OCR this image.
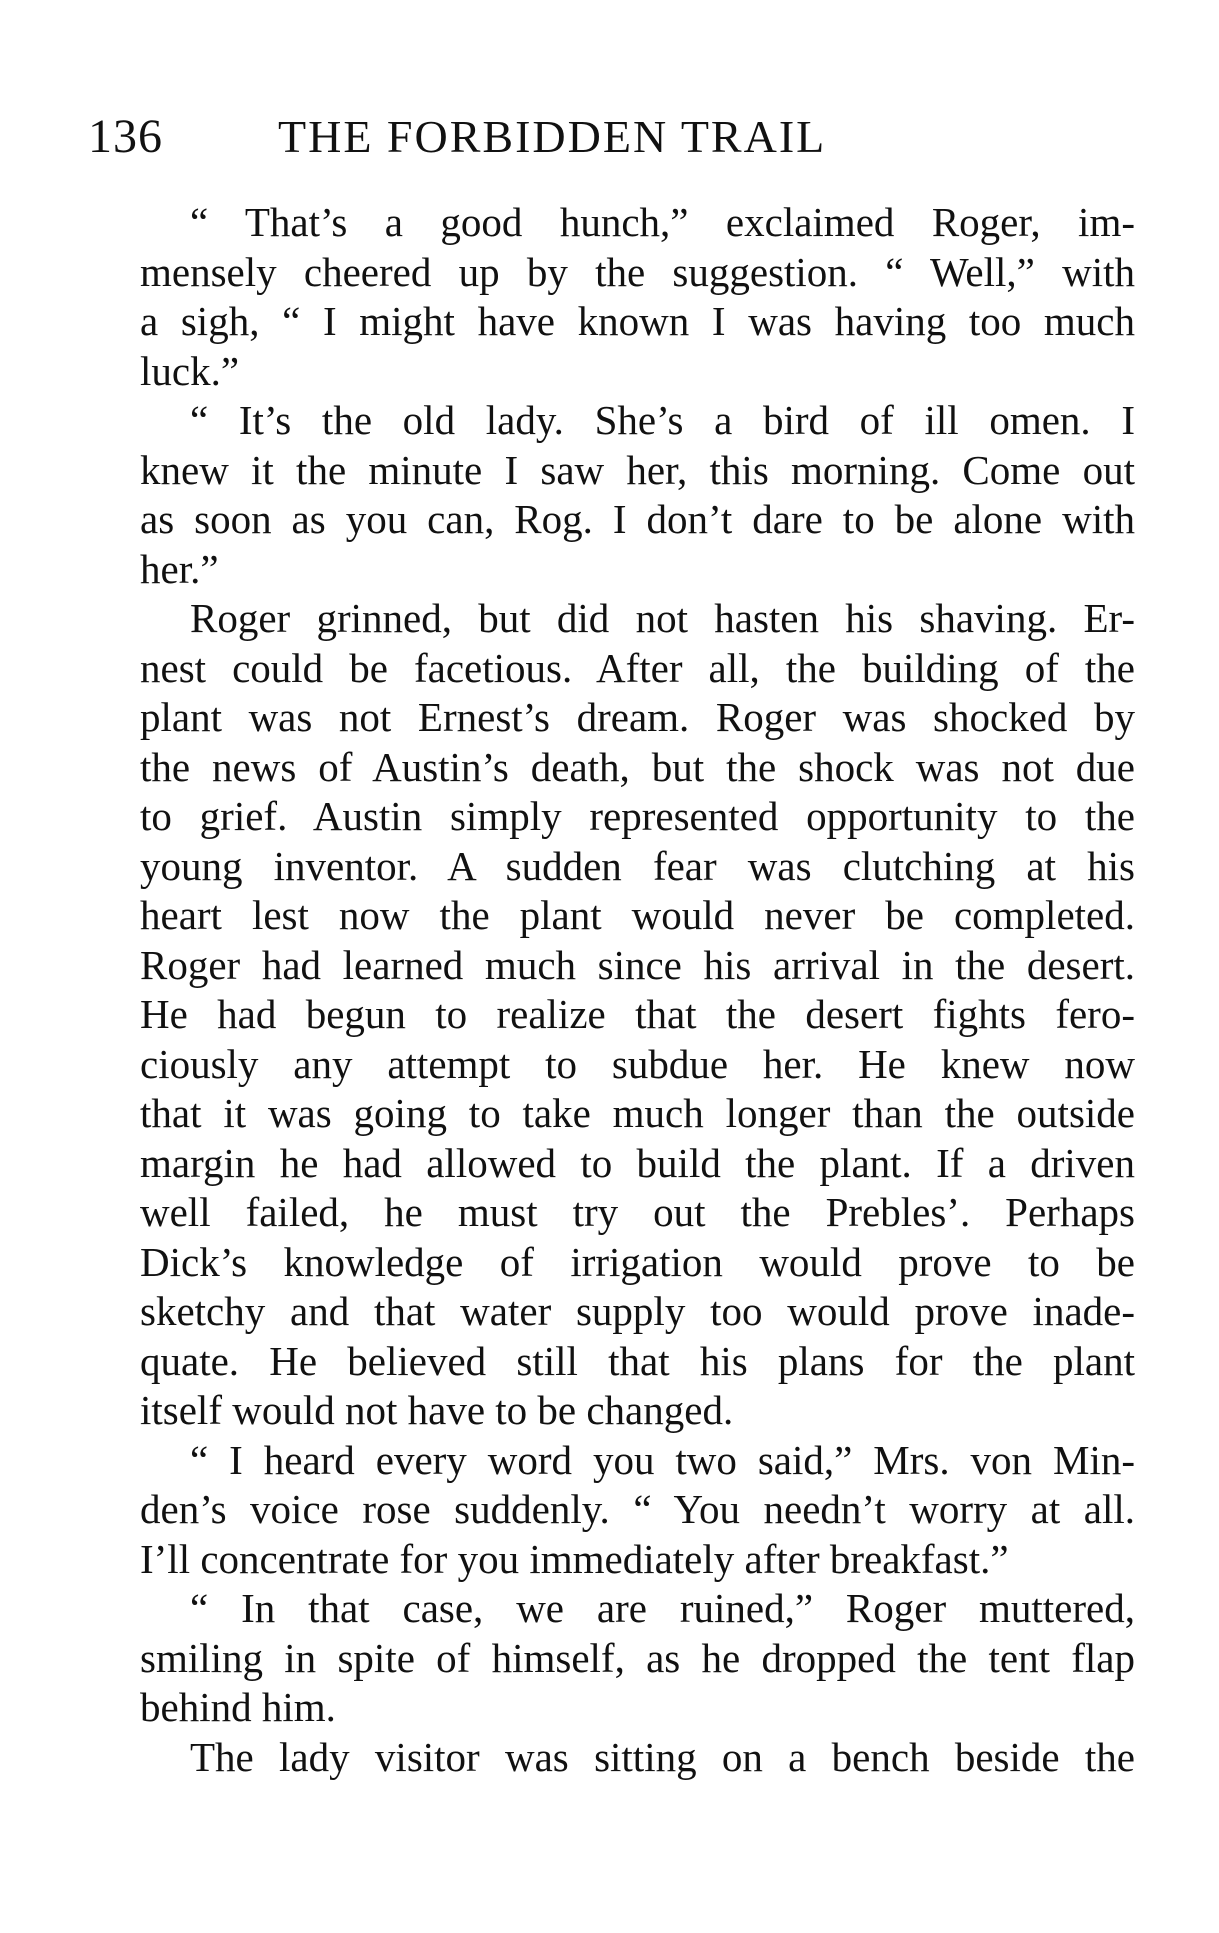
136	THE FORBIDDEN TRAIL
“ That’s a good hunch,” exclaimed Roger, im-
mensely cheered up by the suggestion. “ Well,” with
a sigh, “ I might have known I was having too much
luck.”
“ It’s the old lady. She’s a bird of ill omen. I
knew it the minute I saw her, this morning. Come out
as soon as you can, Rog. I don’t dare to be alone with
her.”
Roger grinned, but did not hasten his shaving. Er-
nest could be facetious. After all, the building of the
plant was not Ernest’s dream. Roger was shocked by
the news of Austin’s death, but the shock was not due
to grief. Austin simply represented opportunity to the
young inventor. A sudden fear was clutching at his
heart lest now the plant would never be completed.
Roger had learned much since his arrival in the desert.
He had begun to realize that the desert fights fero-
ciously any attempt to subdue her. He knew now
that it was going to take much longer than the outside
margin he had allowed to build the plant. If a driven
well failed, he must try out the Prebles’. Perhaps
Dick’s knowledge of irrigation would prove to be
sketchy and that water supply too would prove inade-
quate. He believed still that his plans for the plant
itself would not have to be changed.
“ I heard every word you two said,” Mrs. von Min-
den’s voice rose suddenly. “ You needn’t worry at all.
I’ll concentrate for you immediately after breakfast.”
“ In that case, we are ruined,” Roger muttered,
smiling in spite of himself, as he dropped the tent flap
behind him.
The lady visitor was sitting on a bench beside the
